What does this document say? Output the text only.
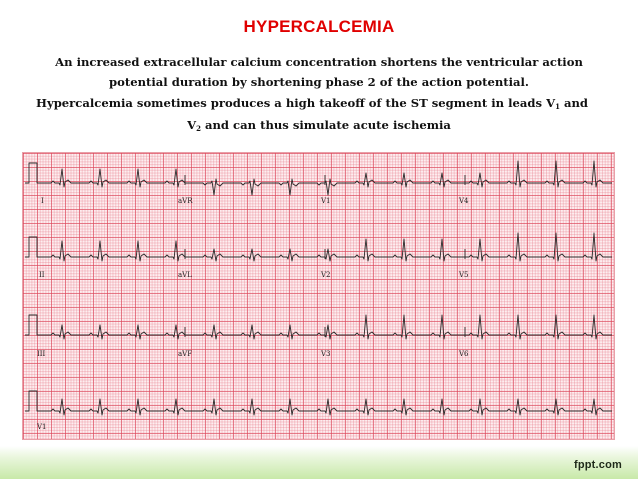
HYPERCALCEMIA
An increased extracellular calcium concentration shortens the ventricular action
potential duration by shortening phase 2 of the action potential.
Hypercalcemia sometimes produces a high takeoff of the ST segment in leads $V_1$ and
$V_2$ and can thus simulate acute ischemia
I	aVR	V1	V4
II	aVL	V2	V5
III	aVF	V3	V6
V1
fppt.com
